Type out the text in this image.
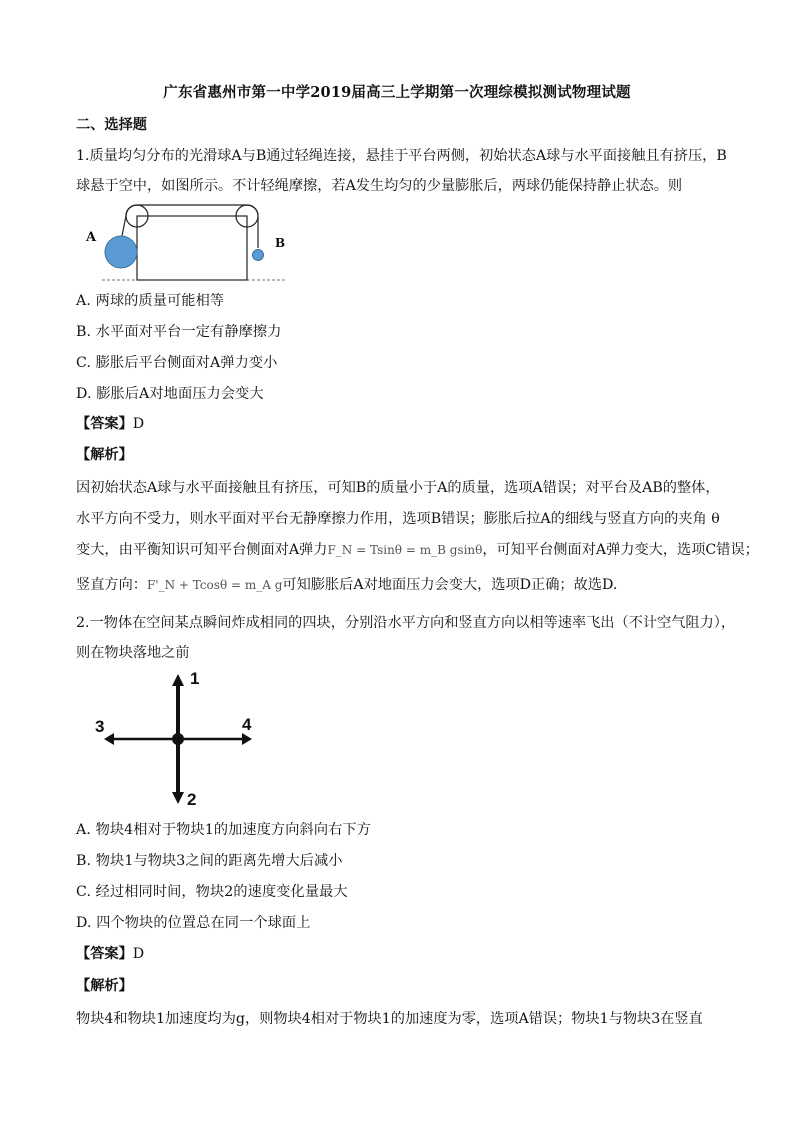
广东省惠州市第一中学2019届高三上学期第一次理综模拟测试物理试题
二、选择题
1.质量均匀分布的光滑球A与B通过轻绳连接，悬挂于平台两侧，初始状态A球与水平面接触且有挤压，B
球悬于空中，如图所示。不计轻绳摩擦，若A发生均匀的少量膨胀后，两球仍能保持静止状态。则
A	B
A. 两球的质量可能相等
B. 水平面对平台一定有静摩擦力
C. 膨胀后平台侧面对A弹力变小
D. 膨胀后A对地面压力会变大
【答案】D
【解析】
因初始状态A球与水平面接触且有挤压，可知B的质量小于A的质量，选项A错误；对平台及AB的整体，
水平方向不受力，则水平面对平台无静摩擦力作用，选项B错误；膨胀后拉A的细线与竖直方向的夹角 θ
变大，由平衡知识可知平台侧面对A弹力F_N = Tsinθ = m_B gsinθ，可知平台侧面对A弹力变大，选项C错误；
竖直方向：F'_N + Tcosθ = m_A g可知膨胀后A对地面压力会变大，选项D正确；故选D.
2.一物体在空间某点瞬间炸成相同的四块，分别沿水平方向和竖直方向以相等速率飞出（不计空气阻力），
则在物块落地之前
1
2
3	4
A. 物块4相对于物块1的加速度方向斜向右下方
B. 物块1与物块3之间的距离先增大后减小
C. 经过相同时间，物块2的速度变化量最大
D. 四个物块的位置总在同一个球面上
【答案】D
【解析】
物块4和物块1加速度均为g，则物块4相对于物块1的加速度为零，选项A错误；物块1与物块3在竖直
